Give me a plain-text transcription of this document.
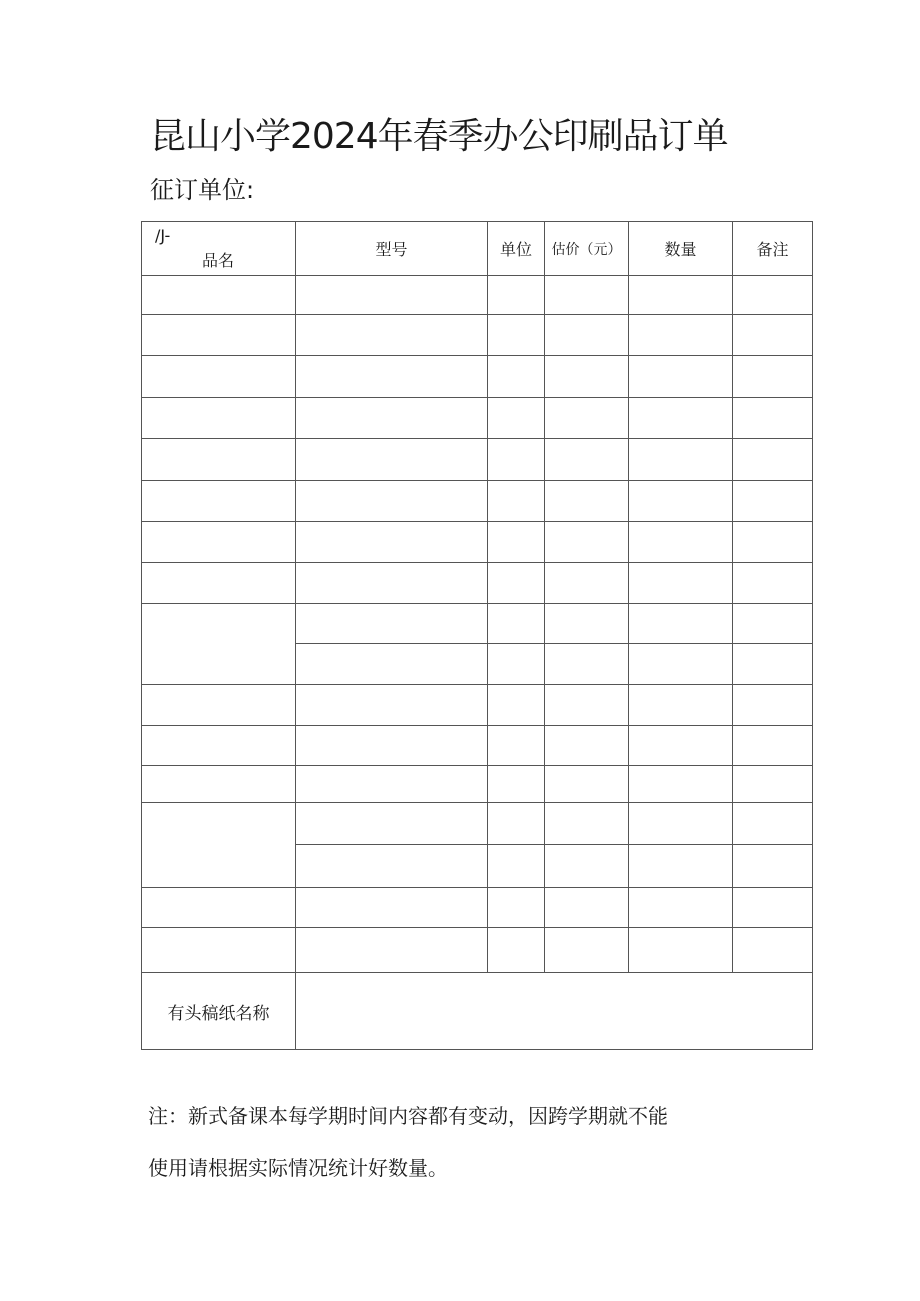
昆山小学2024年春季办公印刷品订单
征订单位:
/J-
品名	型号	单位	估价（元）	数量	备注

有头稿纸名称					
注：新式备课本每学期时间内容都有变动，因跨学期就不能
使用请根据实际情况统计好数量。
